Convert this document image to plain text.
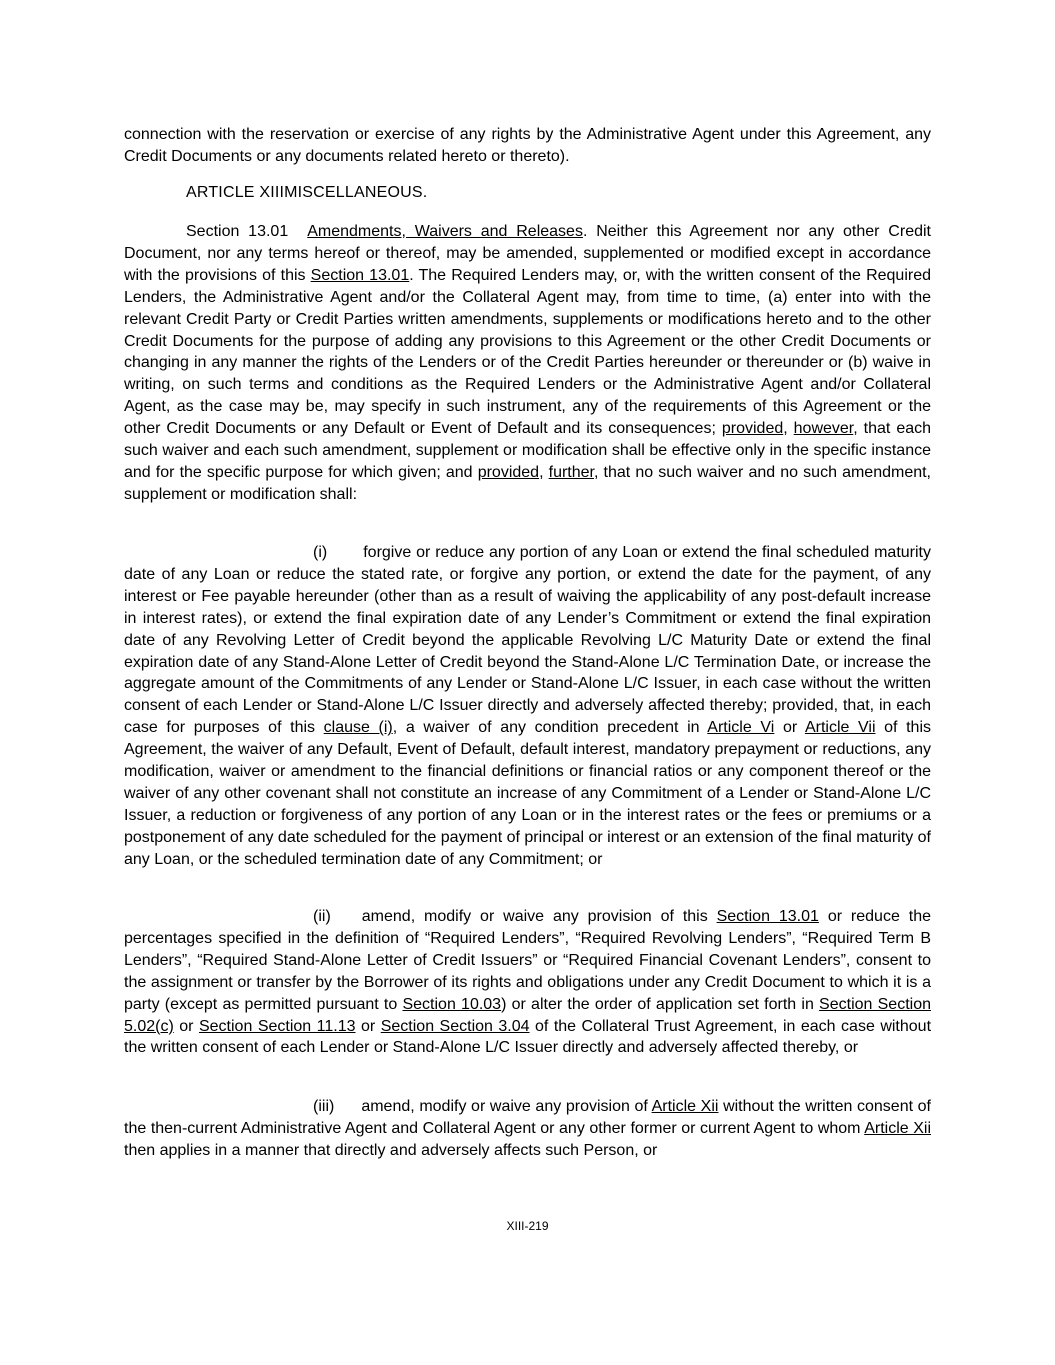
connection with the reservation or exercise of any rights by the Administrative Agent under this Agreement, any Credit Documents or any documents related hereto or thereto).

ARTICLE XIIIMISCELLANEOUS.

Section 13.01 Amendments, Waivers and Releases. Neither this Agreement nor any other Credit Document, nor any terms hereof or thereof, may be amended, supplemented or modified except in accordance with the provisions of this Section 13.01. The Required Lenders may, or, with the written consent of the Required Lenders, the Administrative Agent and/or the Collateral Agent may, from time to time, (a) enter into with the relevant Credit Party or Credit Parties written amendments, supplements or modifications hereto and to the other Credit Documents for the purpose of adding any provisions to this Agreement or the other Credit Documents or changing in any manner the rights of the Lenders or of the Credit Parties hereunder or thereunder or (b) waive in writing, on such terms and conditions as the Required Lenders or the Administrative Agent and/or Collateral Agent, as the case may be, may specify in such instrument, any of the requirements of this Agreement or the other Credit Documents or any Default or Event of Default and its consequences; provided, however, that each such waiver and each such amendment, supplement or modification shall be effective only in the specific instance and for the specific purpose for which given; and provided, further, that no such waiver and no such amendment, supplement or modification shall:

(i) forgive or reduce any portion of any Loan or extend the final scheduled maturity date of any Loan or reduce the stated rate, or forgive any portion, or extend the date for the payment, of any interest or Fee payable hereunder (other than as a result of waiving the applicability of any post-default increase in interest rates), or extend the final expiration date of any Lender’s Commitment or extend the final expiration date of any Revolving Letter of Credit beyond the applicable Revolving L/C Maturity Date or extend the final expiration date of any Stand-Alone Letter of Credit beyond the Stand-Alone L/C Termination Date, or increase the aggregate amount of the Commitments of any Lender or Stand-Alone L/C Issuer, in each case without the written consent of each Lender or Stand-Alone L/C Issuer directly and adversely affected thereby; provided, that, in each case for purposes of this clause (i), a waiver of any condition precedent in Article Vi or Article Vii of this Agreement, the waiver of any Default, Event of Default, default interest, mandatory prepayment or reductions, any modification, waiver or amendment to the financial definitions or financial ratios or any component thereof or the waiver of any other covenant shall not constitute an increase of any Commitment of a Lender or Stand-Alone L/C Issuer, a reduction or forgiveness of any portion of any Loan or in the interest rates or the fees or premiums or a postponement of any date scheduled for the payment of principal or interest or an extension of the final maturity of any Loan, or the scheduled termination date of any Commitment; or

(ii) amend, modify or waive any provision of this Section 13.01 or reduce the percentages specified in the definition of “Required Lenders”, “Required Revolving Lenders”, “Required Term B Lenders”, “Required Stand-Alone Letter of Credit Issuers” or “Required Financial Covenant Lenders”, consent to the assignment or transfer by the Borrower of its rights and obligations under any Credit Document to which it is a party (except as permitted pursuant to Section 10.03) or alter the order of application set forth in Section Section 5.02(c) or Section Section 11.13 or Section Section 3.04 of the Collateral Trust Agreement, in each case without the written consent of each Lender or Stand-Alone L/C Issuer directly and adversely affected thereby, or

(iii) amend, modify or waive any provision of Article Xii without the written consent of the then-current Administrative Agent and Collateral Agent or any other former or current Agent to whom Article Xii then applies in a manner that directly and adversely affects such Person, or

XIII-219
